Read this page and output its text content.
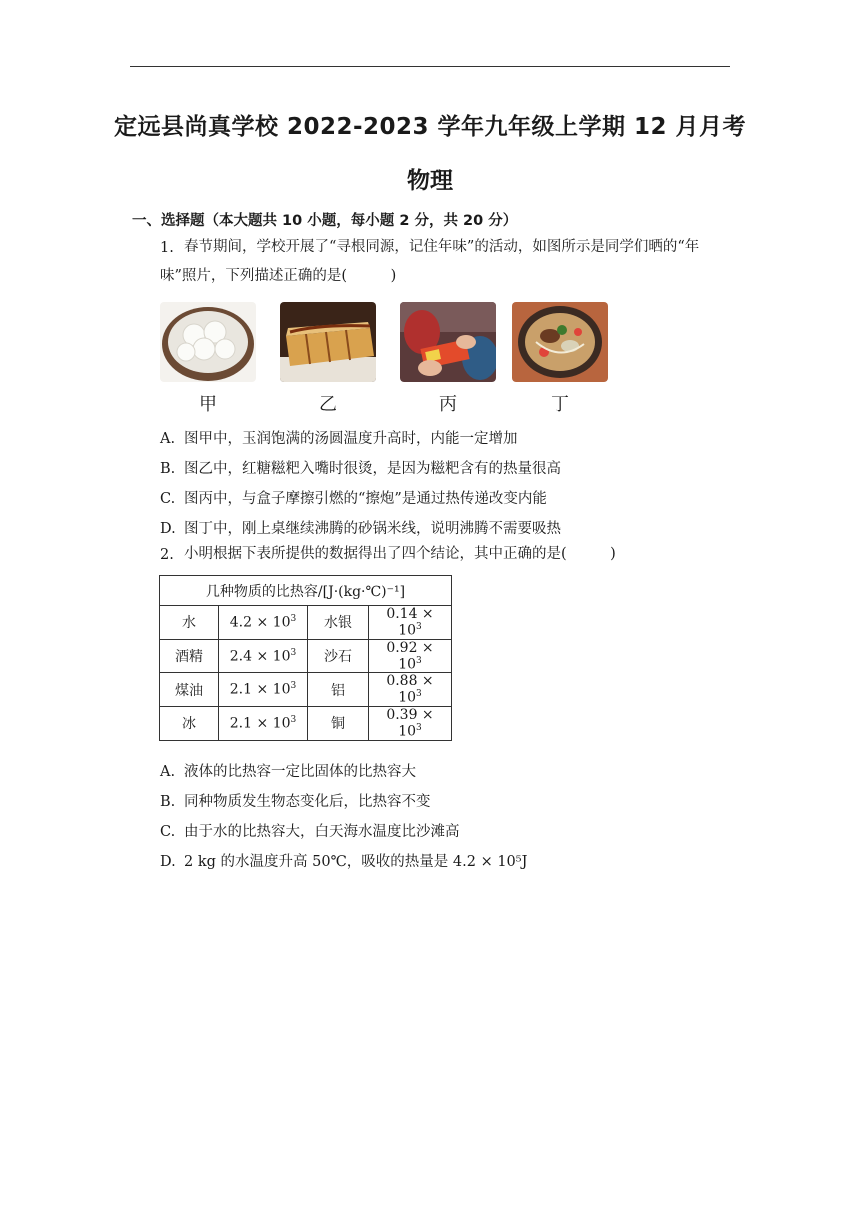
定远县尚真学校 2022-2023 学年九年级上学期 12 月月考
物理
一、选择题（本大题共 10 小题，每小题 2 分，共 20 分）
1. 春节期间，学校开展了“寻根同源，记住年味”的活动，如图所示是同学们晒的“年
味”照片，下列描述正确的是(　　　)
甲	乙	丙	丁
A. 图甲中，玉润饱满的汤圆温度升高时，内能一定增加
B. 图乙中，红糖糍粑入嘴时很烫，是因为糍粑含有的热量很高
C. 图丙中，与盒子摩擦引燃的“擦炮”是通过热传递改变内能
D. 图丁中，刚上桌继续沸腾的砂锅米线，说明沸腾不需要吸热
2. 小明根据下表所提供的数据得出了四个结论，其中正确的是(　　　)
几种物质的比热容/[J·(kg·℃)⁻¹]			
水	$4.2 \times 10^3$	水银	$0.14 \times 10^3$
酒精	$2.4 \times 10^3$	沙石	$0.92 \times 10^3$
煤油	$2.1 \times 10^3$	铝	$0.88 \times 10^3$
冰	$2.1 \times 10^3$	铜	$0.39 \times 10^3$
A. 液体的比热容一定比固体的比热容大
B. 同种物质发生物态变化后，比热容不变
C. 由于水的比热容大，白天海水温度比沙滩高
D. 2 kg 的水温度升高 50℃，吸收的热量是 4.2 × 10⁵J
